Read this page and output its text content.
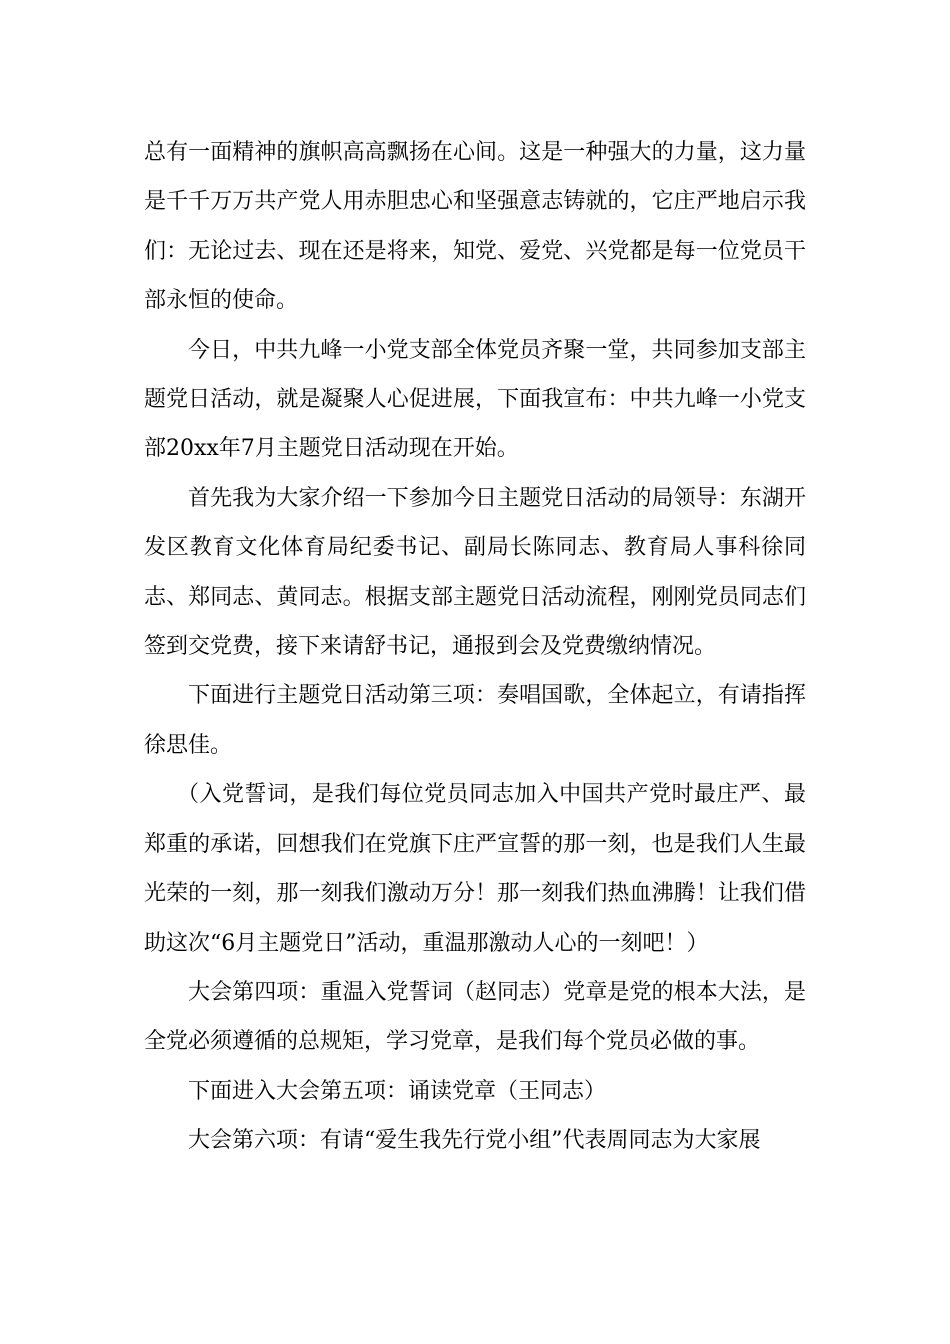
总有一面精神的旗帜高高飘扬在心间。这是一种强大的力量，这力量是千千万万共产党人用赤胆忠心和坚强意志铸就的，它庄严地启示我们：无论过去、现在还是将来，知党、爱党、兴党都是每一位党员干部永恒的使命。

今日，中共九峰一小党支部全体党员齐聚一堂，共同参加支部主题党日活动，就是凝聚人心促进展，下面我宣布：中共九峰一小党支部20xx年7月主题党日活动现在开始。

首先我为大家介绍一下参加今日主题党日活动的局领导：东湖开发区教育文化体育局纪委书记、副局长陈同志、教育局人事科徐同志、郑同志、黄同志。根据支部主题党日活动流程，刚刚党员同志们签到交党费，接下来请舒书记，通报到会及党费缴纳情况。

下面进行主题党日活动第三项：奏唱国歌，全体起立，有请指挥徐思佳。

（入党誓词，是我们每位党员同志加入中国共产党时最庄严、最郑重的承诺，回想我们在党旗下庄严宣誓的那一刻，也是我们人生最光荣的一刻，那一刻我们激动万分！那一刻我们热血沸腾！让我们借助这次“6月主题党日”活动，重温那激动人心的一刻吧！）

大会第四项：重温入党誓词（赵同志）党章是党的根本大法，是全党必须遵循的总规矩，学习党章，是我们每个党员必做的事。

下面进入大会第五项：诵读党章（王同志）

大会第六项：有请“爱生我先行党小组”代表周同志为大家展
